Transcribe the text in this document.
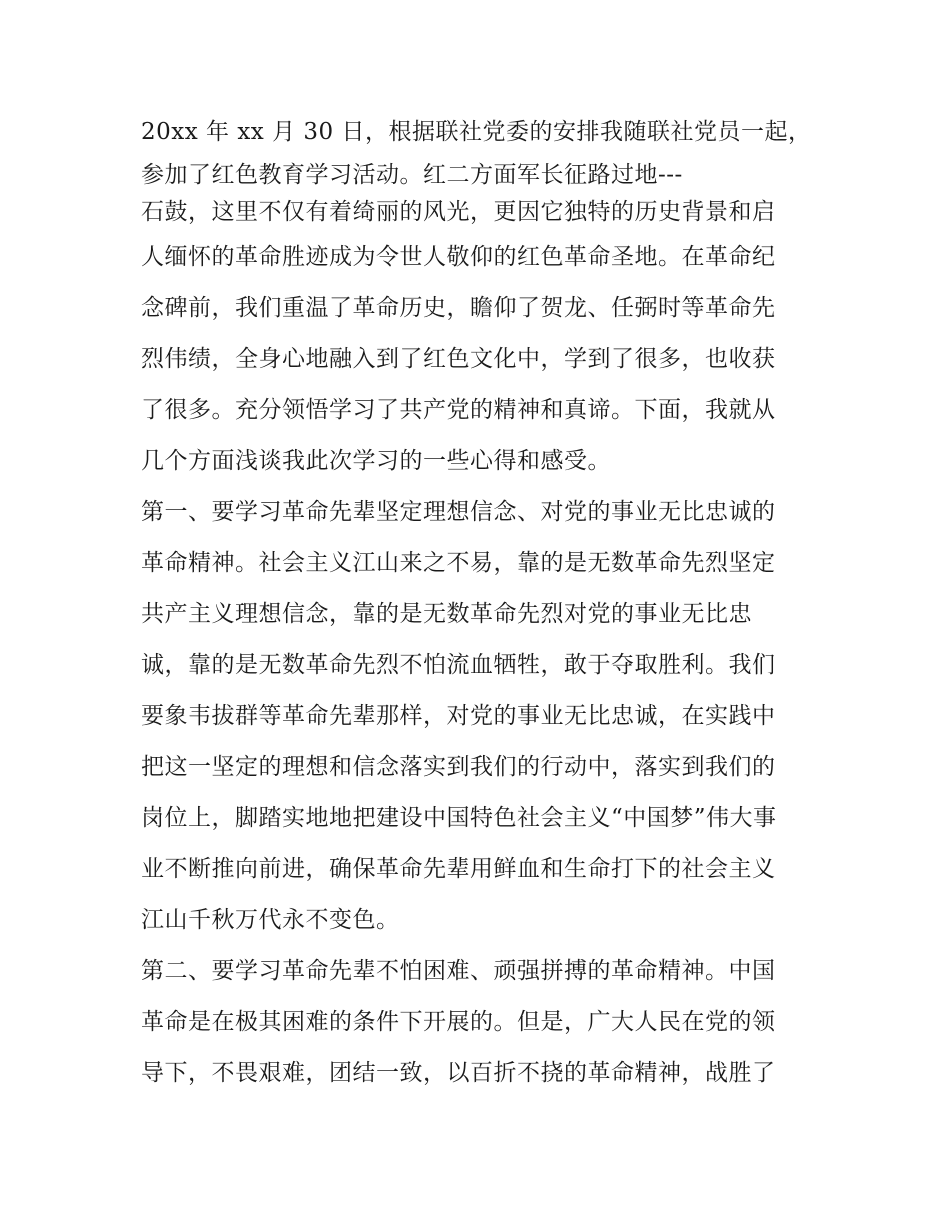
20xx 年 xx 月 30 日，根据联社党委的安排我随联社党员一起，
参加了红色教育学习活动。红二方面军长征路过地---
石鼓，这里不仅有着绮丽的风光，更因它独特的历史背景和启
人缅怀的革命胜迹成为令世人敬仰的红色革命圣地。在革命纪
念碑前，我们重温了革命历史，瞻仰了贺龙、任弼时等革命先
烈伟绩，全身心地融入到了红色文化中，学到了很多，也收获
了很多。充分领悟学习了共产党的精神和真谛。下面，我就从
几个方面浅谈我此次学习的一些心得和感受。
第一、要学习革命先辈坚定理想信念、对党的事业无比忠诚的
革命精神。社会主义江山来之不易，靠的是无数革命先烈坚定
共产主义理想信念，靠的是无数革命先烈对党的事业无比忠
诚，靠的是无数革命先烈不怕流血牺牲，敢于夺取胜利。我们
要象韦拔群等革命先辈那样，对党的事业无比忠诚，在实践中
把这一坚定的理想和信念落实到我们的行动中，落实到我们的
岗位上，脚踏实地地把建设中国特色社会主义“中国梦”伟大事
业不断推向前进，确保革命先辈用鲜血和生命打下的社会主义
江山千秋万代永不变色。
第二、要学习革命先辈不怕困难、顽强拼搏的革命精神。中国
革命是在极其困难的条件下开展的。但是，广大人民在党的领
导下，不畏艰难，团结一致，以百折不挠的革命精神，战胜了
